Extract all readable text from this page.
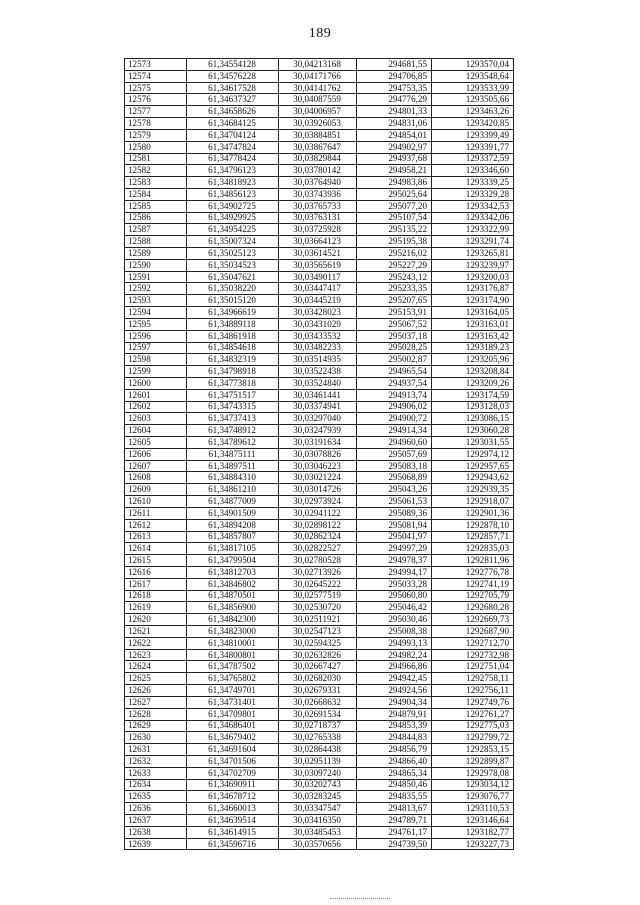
189
12573	61,34554128	30,04213168	294681,55	1293570,04
12574	61,34576228	30,04171766	294706,85	1293548,64
12575	61,34617528	30,04141762	294753,35	1293533,99
12576	61,34637327	30,04087559	294776,29	1293505,66
12577	61,34658626	30,04006957	294801,33	1293463,26
12578	61,34684125	30,03926053	294831,06	1293420,85
12579	61,34704124	30,03884851	294854,01	1293399,49
12580	61,34747824	30,03867647	294902,97	1293391,77
12581	61,34778424	30,03829844	294937,68	1293372,59
12582	61,34796123	30,03780142	294958,21	1293346,60
12583	61,34818923	30,03764940	294983,86	1293339,25
12584	61,34856123	30,03743936	295025,64	1293329,28
12585	61,34902725	30,03765733	295077,20	1293342,53
12586	61,34929925	30,03763131	295107,54	1293342,06
12587	61,34954225	30,03725928	295135,22	1293322,99
12588	61,35007324	30,03664123	295195,38	1293291,74
12589	61,35025123	30,03614521	295216,02	1293265,81
12590	61,35034523	30,03565619	295227,29	1293239,97
12591	61,35047621	30,03490117	295243,12	1293200,03
12592	61,35038220	30,03447417	295233,35	1293176,87
12593	61,35015120	30,03445219	295207,65	1293174,90
12594	61,34966619	30,03428023	295153,91	1293164,05
12595	61,34889118	30,03431029	295067,52	1293163,01
12596	61,34861918	30,03433532	295037,18	1293163,42
12597	61,34854618	30,03482233	295028,25	1293189,23
12598	61,34832319	30,03514935	295002,87	1293205,96
12599	61,34798918	30,03522438	294965,54	1293208,84
12600	61,34773818	30,03524840	294937,54	1293209,26
12601	61,34751517	30,03461441	294913,74	1293174,59
12602	61,34743315	30,03374941	294906,02	1293128,03
12603	61,34737413	30,03297040	294900,72	1293086,15
12604	61,34748912	30,03247939	294914,34	1293060,28
12605	61,34789612	30,03191634	294960,60	1293031,55
12606	61,34875111	30,03078826	295057,69	1292974,12
12607	61,34897511	30,03046223	295083,18	1292957,65
12608	61,34884310	30,03021224	295068,89	1292943,62
12609	61,34861210	30,03014726	295043,26	1292939,35
12610	61,34877009	30,02973924	295061,53	1292918,07
12611	61,34901509	30,02941122	295089,36	1292901,36
12612	61,34894208	30,02898122	295081,94	1292878,10
12613	61,34857807	30,02862324	295041,97	1292857,71
12614	61,34817105	30,02822527	294997,29	1292835,03
12615	61,34799504	30,02780528	294978,37	1292811,96
12616	61,34812703	30,02713926	294994,17	1292776,78
12617	61,34846802	30,02645222	295033,28	1292741,19
12618	61,34870501	30,02577519	295060,80	1292705,79
12619	61,34856900	30,02530720	295046,42	1292680,28
12620	61,34842300	30,02511921	295030,46	1292669,73
12621	61,34823000	30,02547123	295008,38	1292687,90
12622	61,34810001	30,02594325	294993,13	1292712,70
12623	61,34800801	30,02632826	294982,24	1292732,98
12624	61,34787502	30,02667427	294966,86	1292751,04
12625	61,34765802	30,02682030	294942,45	1292758,11
12626	61,34749701	30,02679331	294924,56	1292756,11
12627	61,34731401	30,02668632	294904,34	1292749,76
12628	61,34709801	30,02691534	294879,91	1292761,27
12629	61,34686401	30,02718737	294853,39	1292775,03
12630	61,34679402	30,02765338	294844,83	1292799,72
12631	61,34691604	30,02864438	294856,79	1292853,15
12632	61,34701506	30,02951139	294866,40	1292899,87
12633	61,34702709	30,03097240	294865,34	1292978,08
12634	61,34690911	30,03202743	294850,46	1293034,12
12635	61,34678712	30,03283245	294835,55	1293076,77
12636	61,34660013	30,03347547	294813,67	1293110,53
12637	61,34639514	30,03416350	294789,71	1293146,64
12638	61,34614915	30,03485453	294761,17	1293182,77
12639	61,34596716	30,03570656	294739,50	1293227,73
